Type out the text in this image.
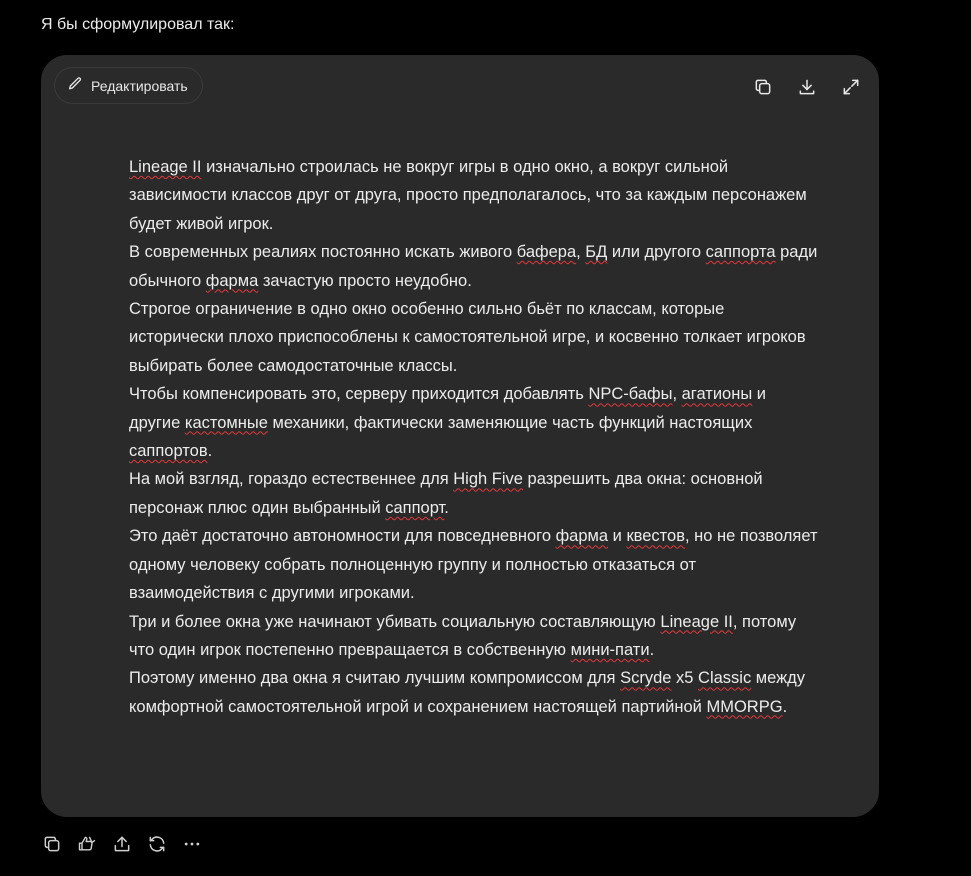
Я бы сформулировал так:
Редактировать

Lineage II изначально строилась не вокруг игры в одно окно, а вокруг сильной зависимости классов друг от друга, просто предполагалось, что за каждым персонажем будет живой игрок.

В современных реалиях постоянно искать живого бафера, БД или другого саппорта ради обычного фарма зачастую просто неудобно.

Строгое ограничение в одно окно особенно сильно бьёт по классам, которые исторически плохо приспособлены к самостоятельной игре, и косвенно толкает игроков выбирать более самодостаточные классы.

Чтобы компенсировать это, серверу приходится добавлять NPC-бафы, агатионы и другие кастомные механики, фактически заменяющие часть функций настоящих саппортов.

На мой взгляд, гораздо естественнее для High Five разрешить два окна: основной персонаж плюс один выбранный саппорт.

Это даёт достаточно автономности для повседневного фарма и квестов, но не позволяет одному человеку собрать полноценную группу и полностью отказаться от взаимодействия с другими игроками.

Три и более окна уже начинают убивать социальную составляющую Lineage II, потому что один игрок постепенно превращается в собственную мини-пати.

Поэтому именно два окна я считаю лучшим компромиссом для Scryde x5 Classic между комфортной самостоятельной игрой и сохранением настоящей партийной MMORPG.
